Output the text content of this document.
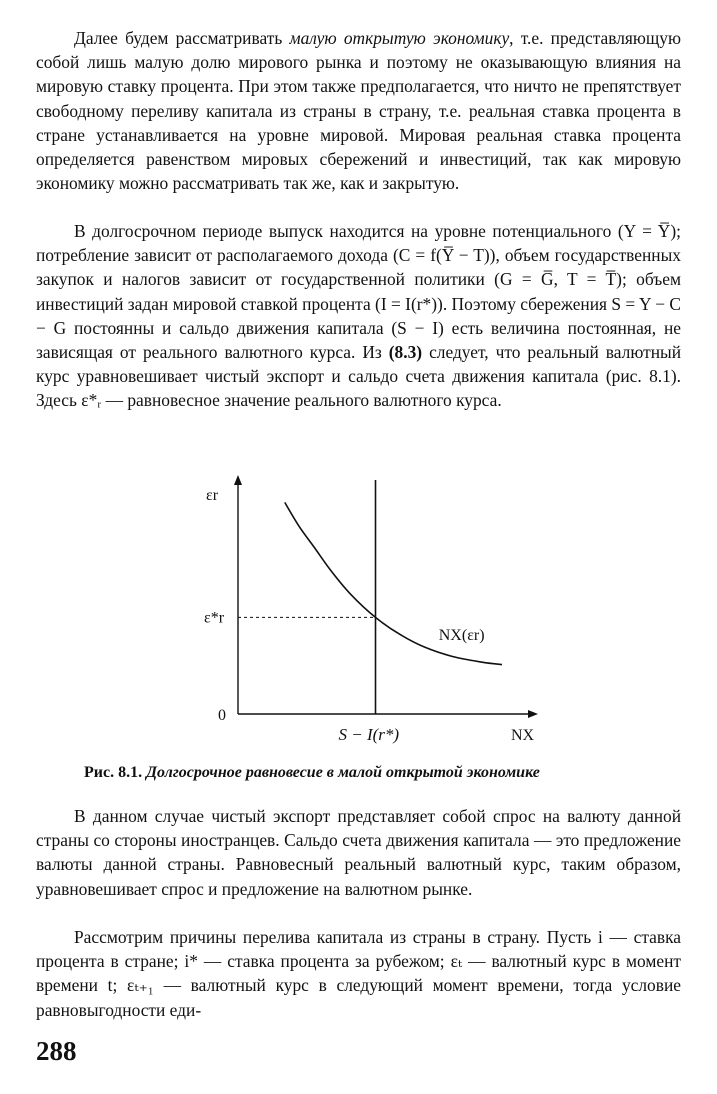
Далее будем рассматривать малую открытую экономику, т.е. представляющую собой лишь малую долю мирового рынка и поэтому не оказывающую влияния на мировую ставку процента. При этом также предполагается, что ничто не препятствует свободному переливу капитала из страны в страну, т.е. реальная ставка процента в стране устанавливается на уровне мировой. Мировая реальная ставка процента определяется равенством мировых сбережений и инвестиций, так как мировую экономику можно рассматривать так же, как и закрытую.

В долгосрочном периоде выпуск находится на уровне потенциального (Y = Y̅); потребление зависит от располагаемого дохода (C = f(Y̅ − T)), объем государственных закупок и налогов зависит от государственной политики (G = G̅, T = T̅); объем инвестиций задан мировой ставкой процента (I = I(r*)). Поэтому сбережения S = Y − C − G постоянны и сальдо движения капитала (S − I) есть величина постоянная, не зависящая от реального валютного курса. Из (8.3) следует, что реальный валютный курс уравновешивает чистый экспорт и сальдо счета движения капитала (рис. 8.1). Здесь ε*ᵣ — равновесное значение реального валютного курса.

εr
ε*r
0
S − I(r*)	NX
NX(εr)
Рис. 8.1. Долгосрочное равновесие в малой открытой экономике

В данном случае чистый экспорт представляет собой спрос на валюту данной страны со стороны иностранцев. Сальдо счета движения капитала — это предложение валюты данной страны. Равновесный реальный валютный курс, таким образом, уравновешивает спрос и предложение на валютном рынке.

Рассмотрим причины перелива капитала из страны в страну. Пусть i — ставка процента в стране; i* — ставка процента за рубежом; εₜ — валютный курс в момент времени t; εₜ₊₁ — валютный курс в следующий момент времени, тогда условие равновыгодности еди-

288
